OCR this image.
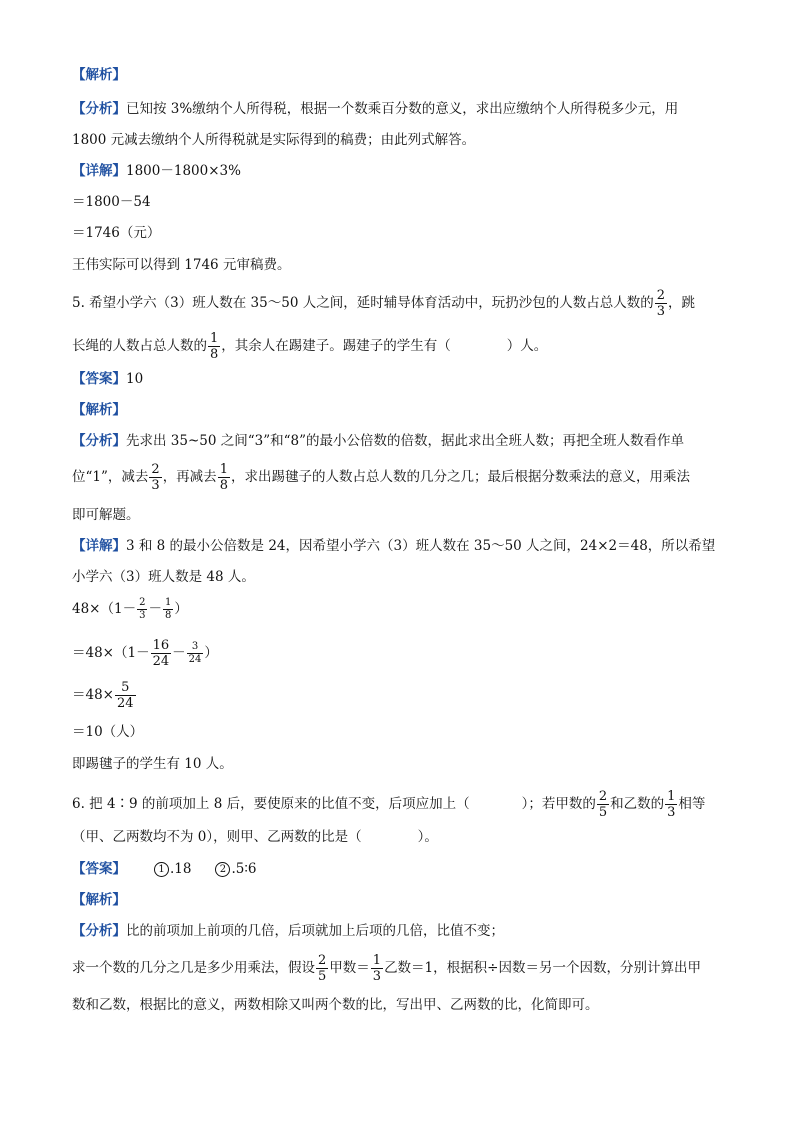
【解析】
【分析】已知按 3%缴纳个人所得税，根据一个数乘百分数的意义，求出应缴纳个人所得税多少元，用
1800 元减去缴纳个人所得税就是实际得到的稿费；由此列式解答。
【详解】1800－1800×3%
＝1800－54
＝1746（元）
王伟实际可以得到 1746 元审稿费。
5. 希望小学六（3）班人数在 35～50 人之间，延时辅导体育活动中，玩扔沙包的人数占总人数的 $\frac{2}{3}$ ，跳
长绳的人数占总人数的 $\frac{1}{8}$ ，其余人在踢建子。踢建子的学生有（	）人。
【答案】10
【解析】
【分析】先求出 35~50 之间“3”和“8”的最小公倍数的倍数，据此求出全班人数；再把全班人数看作单
位“1”，减去 $\frac{2}{3}$ ，再减去 $\frac{1}{8}$ ，求出踢毽子的人数占总人数的几分之几；最后根据分数乘法的意义，用乘法
即可解题。
【详解】3 和 8 的最小公倍数是 24，因希望小学六（3）班人数在 35～50 人之间，24×2＝48，所以希望
小学六（3）班人数是 48 人。
$48\times(1- \frac{2}{3} - \frac{1}{8}$ ）
$=48\times(1- \frac{16}{24} - \frac{3}{24}$ ）
$=48\times \frac{5}{24}$
＝10（人）
即踢毽子的学生有 10 人。
6. 把 4∶9 的前项加上 8 后，要使原来的比值不变，后项应加上（	）；若甲数的 $\frac{2}{5}$ 和乙数的 $\frac{1}{3}$ 相等
（甲、乙两数均不为 0），则甲、乙两数的比是（	）。
【答案】	1 .18	2 .5∶6
【解析】
【分析】比的前项加上前项的几倍，后项就加上后项的几倍，比值不变；
求一个数的几分之几是多少用乘法，假设 $\frac{2}{5}$ 甲数＝ $\frac{1}{3}$ 乙数＝1，根据积÷因数＝另一个因数，分别计算出甲
数和乙数，根据比的意义，两数相除又叫两个数的比，写出甲、乙两数的比，化简即可。
